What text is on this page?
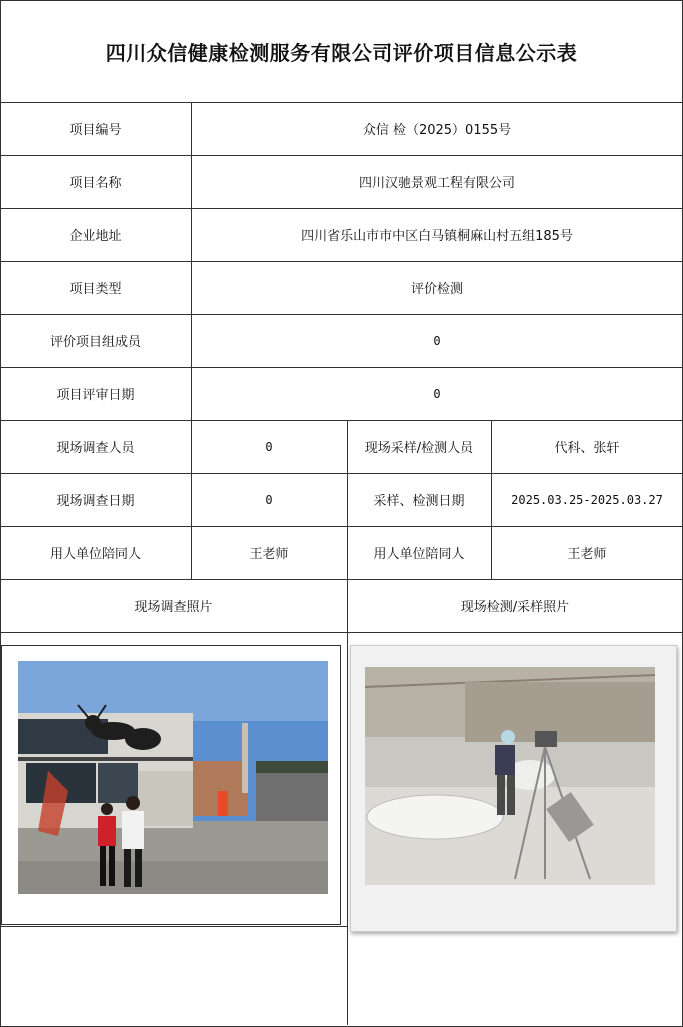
四川众信健康检测服务有限公司评价项目信息公示表
项目编号	众信 检（2025）0155号
项目名称	四川汉驰景观工程有限公司
企业地址	四川省乐山市市中区白马镇桐麻山村五组185号
项目类型	评价检测
评价项目组成员	0
项目评审日期	0
现场调查人员	0	现场采样/检测人员	代科、张轩
现场调查日期	0	采样、检测日期	2025.03.25-2025.03.27
用人单位陪同人	王老师	用人单位陪同人	王老师
现场调查照片	现场检测/采样照片
